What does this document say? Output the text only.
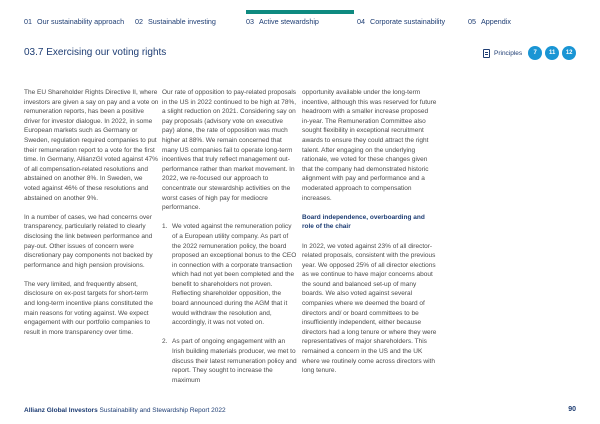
01 Our sustainability approach 02 Sustainable investing	03 Active stewardship	04 Corporate sustainability	05 Appendix
03.7 Exercising our voting rights	Principles	7	11	12

The EU Shareholder Rights Directive II, where investors are given a say on pay and a vote on remuneration reports, has been a positive driver for investor dialogue. In 2022, in some European markets such as Germany or Sweden, regulation required companies to put their remuneration report to a vote for the first time. In Germany, AllianzGI voted against 47% of all compensation-related resolutions and abstained on another 8%. In Sweden, we voted against 46% of these resolutions and abstained on another 9%.

In a number of cases, we had concerns over transparency, particularly related to clearly disclosing the link between performance and pay-out. Other issues of concern were discretionary pay components not backed by performance and high pension provisions.

The very limited, and frequently absent, disclosure on ex-post targets for short-term and long-term incentive plans constituted the main reasons for voting against. We expect engagement with our portfolio companies to result in more transparency over time.

Our rate of opposition to pay-related proposals in the US in 2022 continued to be high at 78%, a slight reduction on 2021. Considering say on pay proposals (advisory vote on executive pay) alone, the rate of opposition was much higher at 88%. We remain concerned that many US companies fail to operate long-term incentives that truly reflect management out-performance rather than market movement. In 2022, we re-focused our approach to concentrate our stewardship activities on the worst cases of high pay for mediocre performance.

1. We voted against the remuneration policy of a European utility company. As part of the 2022 remuneration policy, the board proposed an exceptional bonus to the CEO in connection with a corporate transaction which had not yet been completed and the benefit to shareholders not proven. Reflecting shareholder opposition, the board announced during the AGM that it would withdraw the resolution and, accordingly, it was not voted on.
2. As part of ongoing engagement with an Irish building materials producer, we met to discuss their latest remuneration policy and report. They sought to increase the maximum

opportunity available under the long-term incentive, although this was reserved for future headroom with a smaller increase proposed in-year. The Remuneration Committee also sought flexibility in exceptional recruitment awards to ensure they could attract the right talent. After engaging on the underlying rationale, we voted for these changes given that the company had demonstrated historic alignment with pay and performance and a moderated approach to compensation increases.

Board independence, overboarding and role of the chair

In 2022, we voted against 23% of all director-related proposals, consistent with the previous year. We opposed 25% of all director elections as we continue to have major concerns about the sound and balanced set-up of many boards. We also voted against several companies where we deemed the board of directors and/ or board committees to be insufficiently independent, either because directors had a long tenure or where they were representatives of major shareholders. This remained a concern in the US and the UK where we routinely come across directors with long tenure.

Allianz Global Investors Sustainability and Stewardship Report 2022	90
